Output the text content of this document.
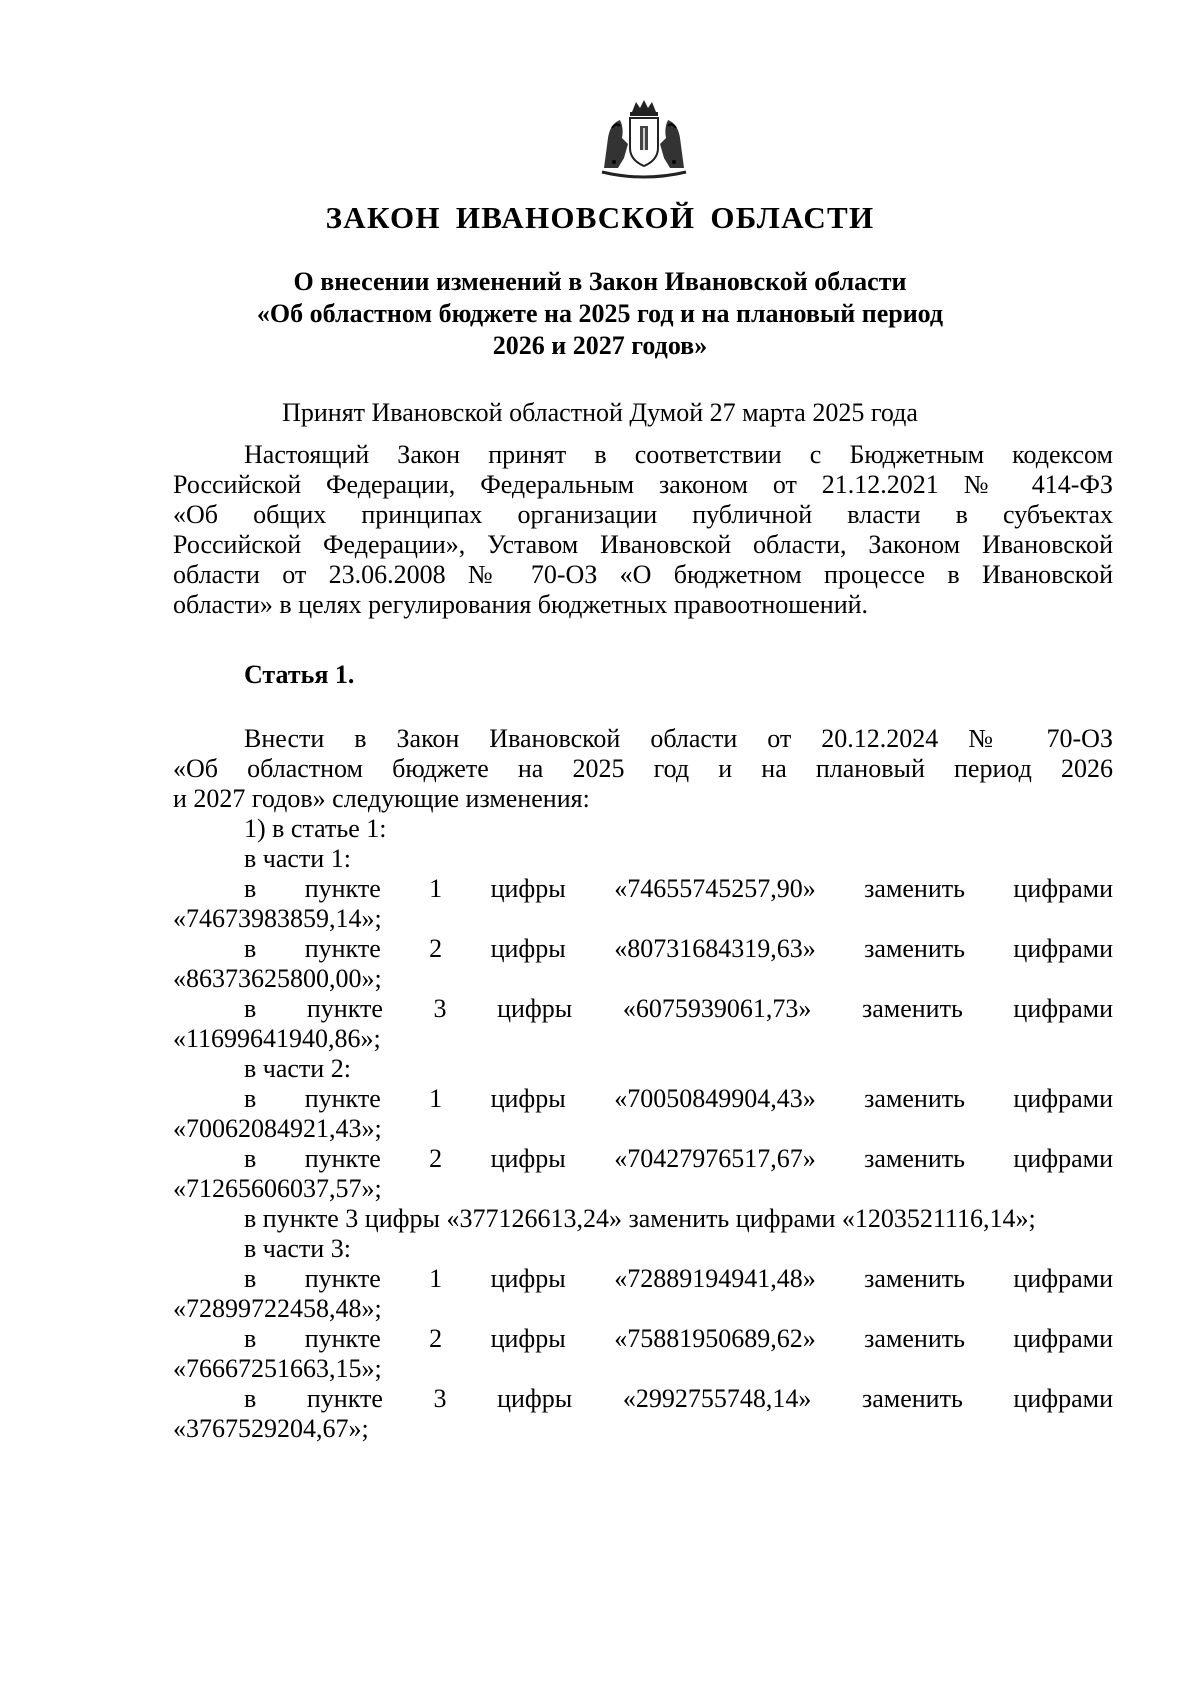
ЗАКОН ИВАНОВСКОЙ ОБЛАСТИ
О внесении изменений в Закон Ивановской области
«Об областном бюджете на 2025 год и на плановый период
2026 и 2027 годов»
Принят Ивановской областной Думой 27 марта 2025 года
Настоящий Закон принят в соответствии с Бюджетным кодексом
Российской Федерации, Федеральным законом от 21.12.2021 № 414-ФЗ
«Об общих принципах организации публичной власти в субъектах
Российской Федерации», Уставом Ивановской области, Законом Ивановской
области от 23.06.2008 № 70-ОЗ «О бюджетном процессе в Ивановской
области» в целях регулирования бюджетных правоотношений.
Статья 1.
Внести в Закон Ивановской области от 20.12.2024 № 70-ОЗ
«Об областном бюджете на 2025 год и на плановый период 2026
и 2027 годов» следующие изменения:
1) в статье 1:
в части 1:
в пункте 1 цифры «74655745257,90» заменить цифрами
«74673983859,14»;
в пункте 2 цифры «80731684319,63» заменить цифрами
«86373625800,00»;
в пункте 3 цифры «6075939061,73» заменить цифрами
«11699641940,86»;
в части 2:
в пункте 1 цифры «70050849904,43» заменить цифрами
«70062084921,43»;
в пункте 2 цифры «70427976517,67» заменить цифрами
«71265606037,57»;
в пункте 3 цифры «377126613,24» заменить цифрами «1203521116,14»;
в части 3:
в пункте 1 цифры «72889194941,48» заменить цифрами
«72899722458,48»;
в пункте 2 цифры «75881950689,62» заменить цифрами
«76667251663,15»;
в пункте 3 цифры «2992755748,14» заменить цифрами
«3767529204,67»;
